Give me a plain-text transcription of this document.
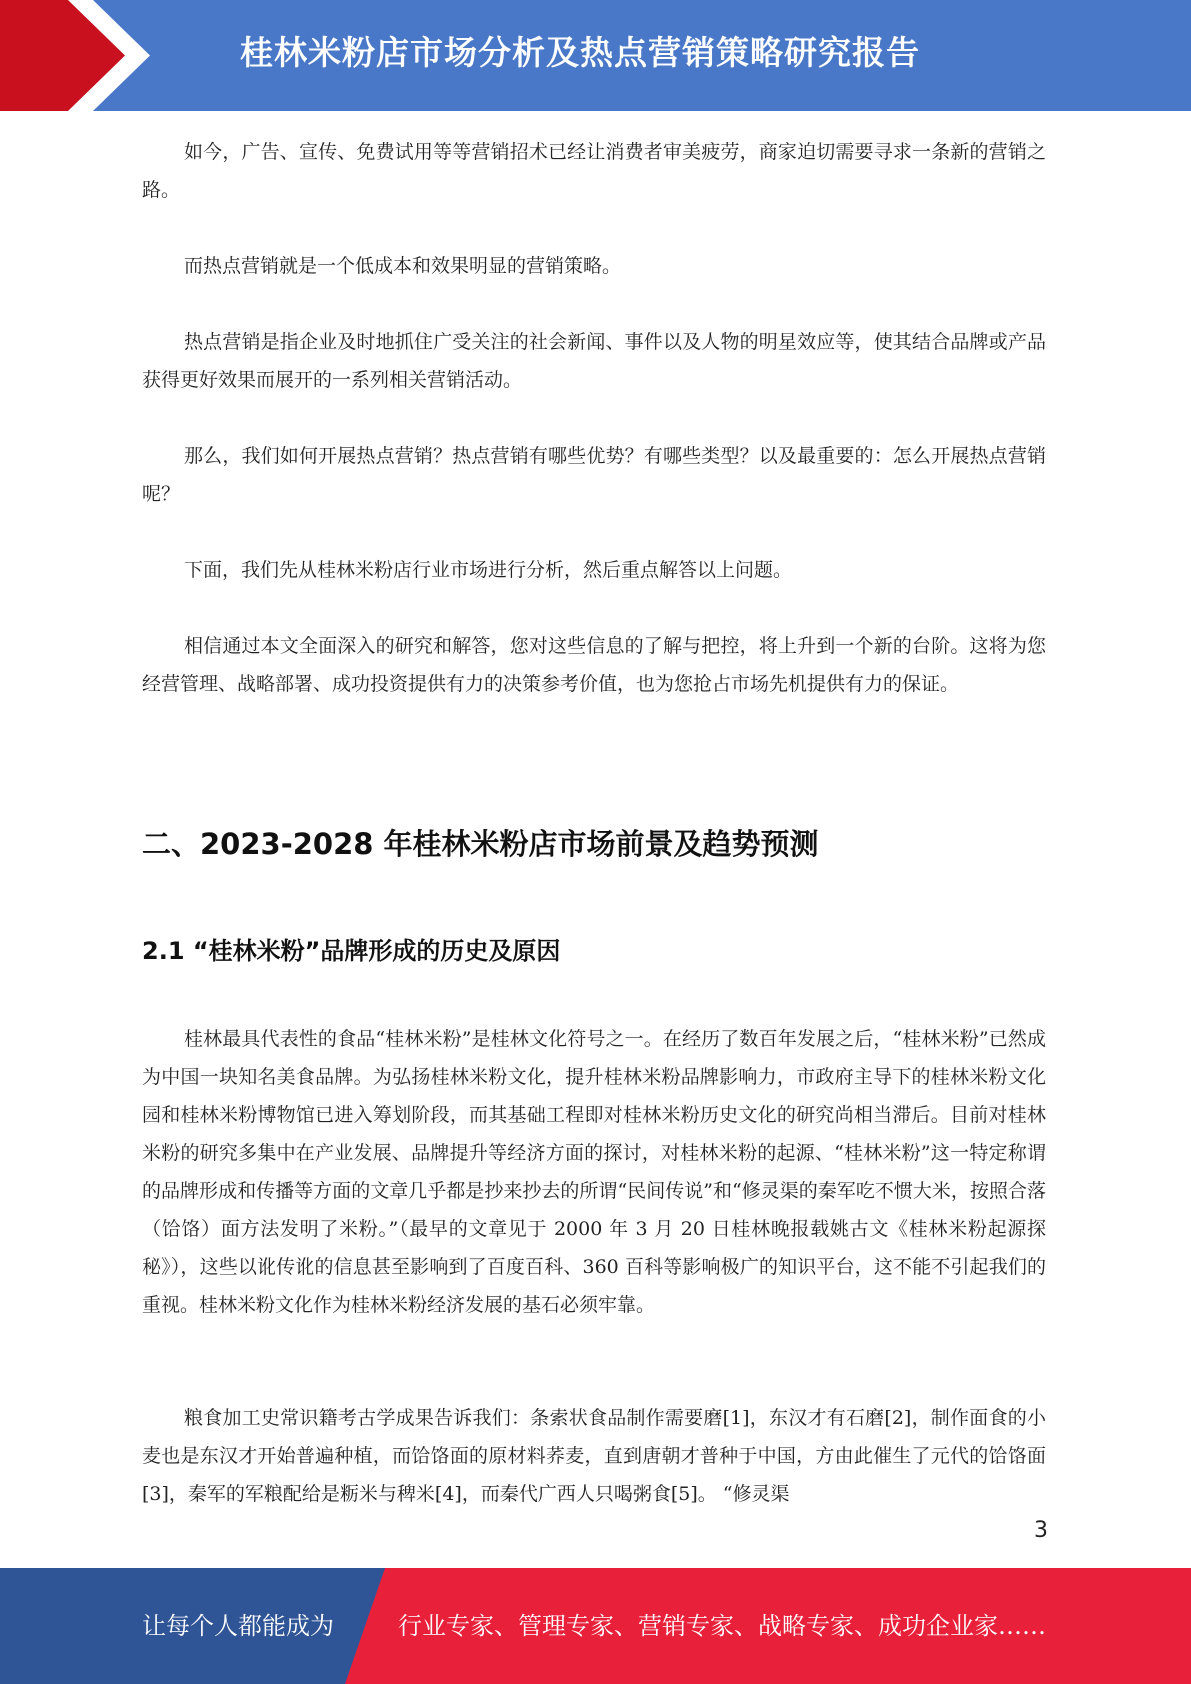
桂林米粉店市场分析及热点营销策略研究报告

如今，广告、宣传、免费试用等等营销招术已经让消费者审美疲劳，商家迫切需要寻求一条新的营销之路。

而热点营销就是一个低成本和效果明显的营销策略。

热点营销是指企业及时地抓住广受关注的社会新闻、事件以及人物的明星效应等，使其结合品牌或产品获得更好效果而展开的一系列相关营销活动。

那么，我们如何开展热点营销？热点营销有哪些优势？有哪些类型？以及最重要的：怎么开展热点营销呢？

下面，我们先从桂林米粉店行业市场进行分析，然后重点解答以上问题。

相信通过本文全面深入的研究和解答，您对这些信息的了解与把控，将上升到一个新的台阶。这将为您经营管理、战略部署、成功投资提供有力的决策参考价值，也为您抢占市场先机提供有力的保证。

二、2023-2028 年桂林米粉店市场前景及趋势预测
2.1 “桂林米粉”品牌形成的历史及原因

桂林最具代表性的食品“桂林米粉”是桂林文化符号之一。在经历了数百年发展之后，“桂林米粉”已然成为中国一块知名美食品牌。为弘扬桂林米粉文化，提升桂林米粉品牌影响力，市政府主导下的桂林米粉文化园和桂林米粉博物馆已进入筹划阶段，而其基础工程即对桂林米粉历史文化的研究尚相当滞后。目前对桂林米粉的研究多集中在产业发展、品牌提升等经济方面的探讨，对桂林米粉的起源、“桂林米粉”这一特定称谓的品牌形成和传播等方面的文章几乎都是抄来抄去的所谓“民间传说”和“修灵渠的秦军吃不惯大米，按照合落（饸饹）面方法发明了米粉。”（最早的文章见于 2000 年 3 月 20 日桂林晚报载姚古文《桂林米粉起源探秘》），这些以讹传讹的信息甚至影响到了百度百科、360 百科等影响极广的知识平台，这不能不引起我们的重视。桂林米粉文化作为桂林米粉经济发展的基石必须牢靠。

粮食加工史常识籍考古学成果告诉我们：条索状食品制作需要磨[1]，东汉才有石磨[2]，制作面食的小麦也是东汉才开始普遍种植，而饸饹面的原材料荞麦，直到唐朝才普种于中国，方由此催生了元代的饸饹面[3]，秦军的军粮配给是粝米与稗米[4]，而秦代广西人只喝粥食[5]。 “修灵渠

3
让每个人都能成为	行业专家、管理专家、营销专家、战略专家、成功企业家……
